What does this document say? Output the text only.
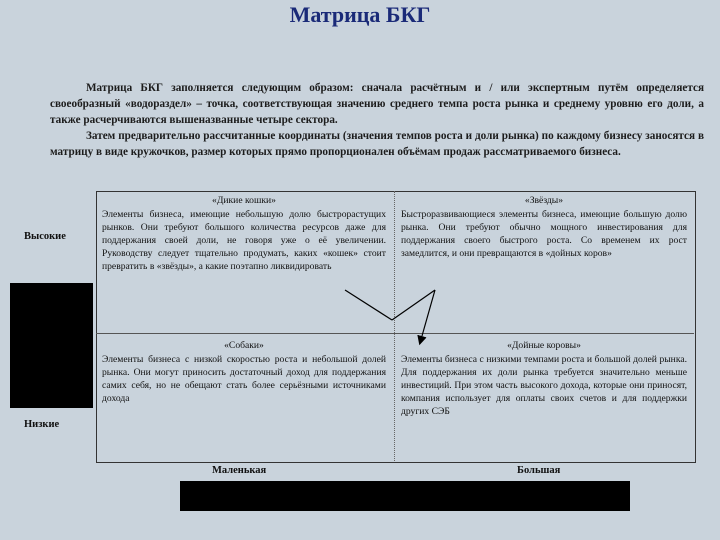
Матрица БКГ

Матрица БКГ заполняется следующим образом: сначала расчётным и / или экспертным путём определяется своеобразный «водораздел» – точка, соответствующая значению среднего темпа роста рынка и среднему уровню его доли, а также расчерчиваются вышеназванные четыре сектора.

Затем предварительно рассчитанные координаты (значения темпов роста и доли рынка) по каждому бизнесу заносятся в матрицу в виде кружочков, размер которых прямо пропорционален объёмам продаж рассматриваемого бизнеса.

Высокие
Низкие
«Дикие кошки»
Элементы бизнеса, имеющие небольшую долю быстрорастущих рынков. Они требуют большого количества ресурсов даже для поддержания своей доли, не говоря уже о её увеличении. Руководству следует тщательно продумать, каких «кошек» стоит превратить в «звёзды», а какие поэтапно ликвидировать
«Звёзды»
Быстроразвивающиеся элементы бизнеса, имеющие большую долю рынка. Они требуют обычно мощного инвестирования для поддержания своего быстрого роста. Со временем их рост замедлится, и они превращаются в «дойных коров»
«Собаки»
Элементы бизнеса с низкой скоростью роста и небольшой долей рынка. Они могут приносить достаточный доход для поддержания самих себя, но не обещают стать более серьёзными источниками дохода
«Дойные коровы»
Элементы бизнеса с низкими темпами роста и большой долей рынка. Для поддержания их доли рынка требуется значительно меньше инвестиций. При этом часть высокого дохода, которые они приносят, компания использует для оплаты своих счетов и для поддержки других СЭБ
Маленькая	Большая
